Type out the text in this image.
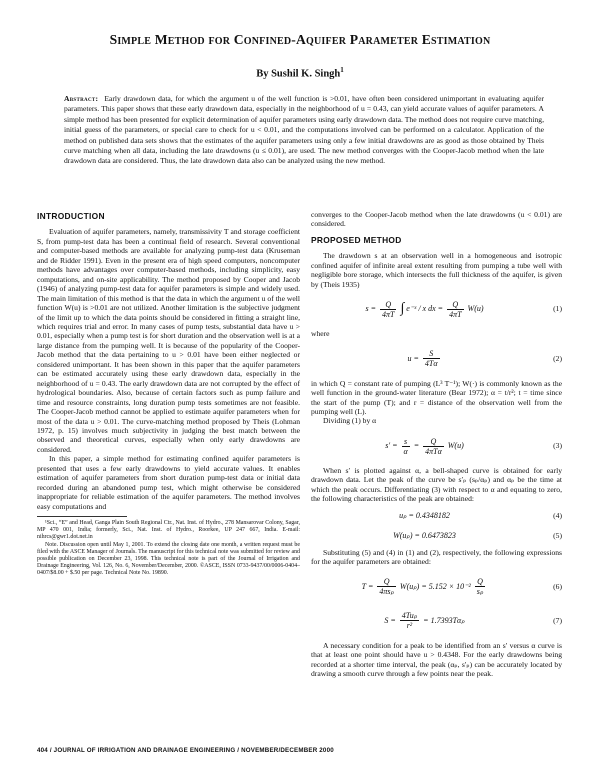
Simple Method for Confined-Aquifer Parameter Estimation
By Sushil K. Singh$^1$
Abstract: Early drawdown data, for which the argument u of the well function is >0.01, have often been considered unimportant in evaluating aquifer parameters. This paper shows that these early drawdown data, especially in the neighborhood of u = 0.43, can yield accurate values of aquifer parameters. A simple method has been presented for explicit determination of aquifer parameters using early drawdown data. The method does not require curve matching, initial guess of the parameters, or special care to check for u < 0.01, and the computations involved can be performed on a calculator. Application of the method on published data sets shows that the estimates of the aquifer parameters using only a few initial drawdowns are as good as those obtained by Theis curve matching when all data, including the late drawdowns (u ≤ 0.01), are used. The new method converges with the Cooper-Jacob method when the late drawdown data are considered. Thus, the late drawdown data also can be analyzed using the new method.
INTRODUCTION

Evaluation of aquifer parameters, namely, transmissivity T and storage coefficient S, from pump-test data has been a continual field of research. Several conventional and computer-based methods are available for analyzing pump-test data (Kruseman and de Ridder 1991). Even in the present era of high speed computers, noncomputer methods have advantages over computer-based methods, including simplicity, easy computations, and on-site applicability. The method proposed by Cooper and Jacob (1946) of analyzing pump-test data for aquifer parameters is simple and widely used. The main limitation of this method is that the data in which the argument u of the well function W(u) is >0.01 are not utilized. Another limitation is the subjective judgment of the limit up to which the data points should be considered in fitting a straight line, which requires trial and error. In many cases of pump tests, substantial data have u > 0.01, especially when a pump test is for short duration and the observation well is at a large distance from the pumping well. It is because of the popularity of the Cooper-Jacob method that the data pertaining to u > 0.01 have been either neglected or considered unimportant. It has been shown in this paper that the aquifer parameters can be estimated accurately using these early drawdown data, especially in the neighborhood of u = 0.43. The early drawdown data are not corrupted by the effect of hydrological boundaries. Also, because of certain factors such as pump failure and time and resource constraints, long duration pump tests sometimes are not feasible. The Cooper-Jacob method cannot be applied to estimate aquifer parameters when for most of the data u > 0.01. The curve-matching method proposed by Theis (Lohman 1972, p. 15) involves much subjectivity in judging the best match between the observed and theoretical curves, especially when only early drawdowns are considered.

In this paper, a simple method for estimating confined aquifer parameters is presented that uses a few early drawdowns to yield accurate values. It enables estimation of aquifer parameters from short duration pump-test data or initial data recorded during an abandoned pump test, which might otherwise be considered inappropriate for reliable estimation of the aquifer parameters. The method involves easy computations and

¹Sci., “E” and Head, Ganga Plain South Regional Ctr., Nat. Inst. of Hydro., 278 Mansarovar Colony, Sagar, MP 470 001, India; formerly, Sci., Nat. Inst. of Hydro., Roorkee, UP 247 667, India. E-mail: nihrcs@gwr1.dot.net.in

Note. Discussion open until May 1, 2001. To extend the closing date one month, a written request must be filed with the ASCE Manager of Journals. The manuscript for this technical note was submitted for review and possible publication on December 23, 1998. This technical note is part of the Journal of Irrigation and Drainage Engineering, Vol. 126, No. 6, November/December, 2000. ©ASCE, ISSN 0733-9437/00/0006-0404–0407/$8.00 + $.50 per page. Technical Note No. 19890.

converges to the Cooper-Jacob method when the late drawdowns (u < 0.01) are considered.

PROPOSED METHOD

The drawdown s at an observation well in a homogeneous and isotropic confined aquifer of infinite areal extent resulting from pumping a tube well with negligible bore storage, which intersects the full thickness of the aquifer, is given by (Theis 1935)

$s = \frac{Q}{4\pi T}$ ∫ e⁻ˣ / x dx = $\frac{Q}{4\pi T} W(u)$	(1)

where

$u = \frac{S}{4T\alpha}$	(2)

in which Q = constant rate of pumping (L³ T⁻¹); W(·) is commonly known as the well function in the ground-water literature (Bear 1972); α = t/r²; t = time since the start of the pump (T); and r = distance of the observation well from the pumping well (L).

Dividing (1) by α

$s' = \frac{s}{\alpha} = \frac{Q}{\text{4πTα}} W(u)$	(3)

When s′ is plotted against α, a bell-shaped curve is obtained for early drawdown data. Let the peak of the curve be s′ₚ (sₚ/αₚ) and αₚ be the time at which the peak occurs. Differentiating (3) with respect to α and equating to zero, the following characteristics of the peak are obtained:

uₚ = 0.4348182	(4)
W(uₚ) = 0.6473823	(5)

Substituting (5) and (4) in (1) and (2), respectively, the following expressions for the aquifer parameters are obtained:

$T = \frac{Q}{\text{4πsₚ}} W(u_p) = 5.152 \times 10^{-2} \frac{Q}{\text{sₚ}}$	(6)
$S = \frac{\text{4Tuₚ}}{\text{r²}} = 1.7393T\alpha_p$	(7)

A necessary condition for a peak to be identified from an s′ versus α curve is that at least one point should have u > 0.4348. For the early drawdowns being recorded at a shorter time interval, the peak (αₚ, s′ₚ) can be accurately located by drawing a smooth curve through a few points near the peak.

404 / JOURNAL OF IRRIGATION AND DRAINAGE ENGINEERING / NOVEMBER/DECEMBER 2000
